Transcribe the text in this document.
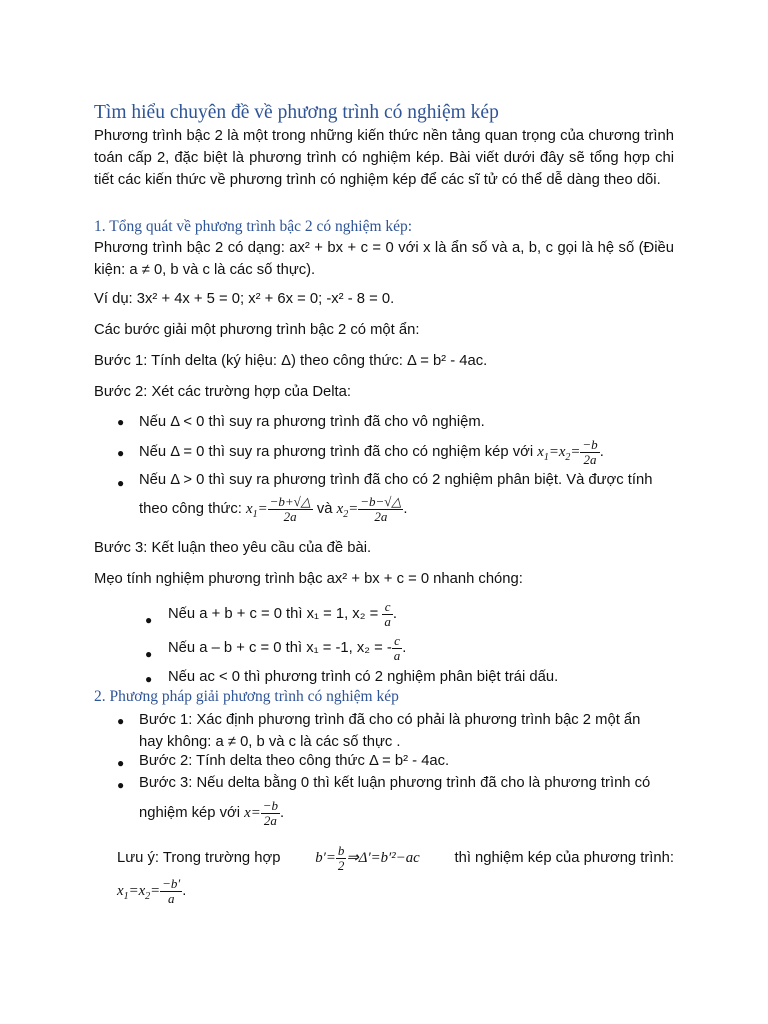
Tìm hiểu chuyên đề về phương trình có nghiệm kép
Phương trình bậc 2 là một trong những kiến thức nền tảng quan trọng của chương trình toán cấp 2, đặc biệt là phương trình có nghiệm kép. Bài viết dưới đây sẽ tổng hợp chi tiết các kiến thức về phương trình có nghiệm kép để các sĩ tử có thể dễ dàng theo dõi.
1. Tổng quát về phương trình bậc 2 có nghiệm kép:
Phương trình bậc 2 có dạng: ax² + bx + c = 0 với x là ẩn số và a, b, c gọi là hệ số (Điều kiện: a ≠ 0, b và c là các số thực).
Ví dụ: 3x² + 4x + 5 = 0; x² + 6x = 0; -x² - 8 = 0.
Các bước giải một phương trình bậc 2 có một ẩn:
Bước 1: Tính delta (ký hiệu: Δ) theo công thức: Δ = b² - 4ac.
Bước 2: Xét các trường hợp của Delta:
● Nếu Δ < 0 thì suy ra phương trình đã cho vô nghiệm.
● Nếu Δ = 0 thì suy ra phương trình đã cho có nghiệm kép với $x_1=x_2= \frac{-b}{2a}$ .
● Nếu Δ > 0 thì suy ra phương trình đã cho có 2 nghiệm phân biệt. Và được tính
theo công thức: $x_1= \frac{-b+√\triangle}{2a}$ và $x_2= \frac{-b-√\triangle}{2a}$ .
Bước 3: Kết luận theo yêu cầu của đề bài.
Mẹo tính nghiệm phương trình bậc ax² + bx + c = 0 nhanh chóng:
● Nếu a + b + c = 0 thì x₁ = 1, $x_2 = \frac{c}{a}$ .
● Nếu a – b + c = 0 thì x₁ = -1, x₂ = - $\frac{c}{a}$ .
● Nếu ac < 0 thì phương trình có 2 nghiệm phân biệt trái dấu.
2. Phương pháp giải phương trình có nghiệm kép
● Bước 1: Xác định phương trình đã cho có phải là phương trình bậc 2 một ẩn
hay không: a ≠ 0, b và c là các số thực .
● Bước 2: Tính delta theo công thức Δ = b² - 4ac.
● Bước 3: Nếu delta bằng 0 thì kết luận phương trình đã cho là phương trình có
nghiệm kép với $x= \frac{-b}{2a}$ .
Lưu ý: Trong trường hợp $b'= \frac{b}{2}$ ⇒Δ′=b′²−ac thì nghiệm kép của phương trình:
$x_1=x_2= \frac{-b'}{a}$ .
